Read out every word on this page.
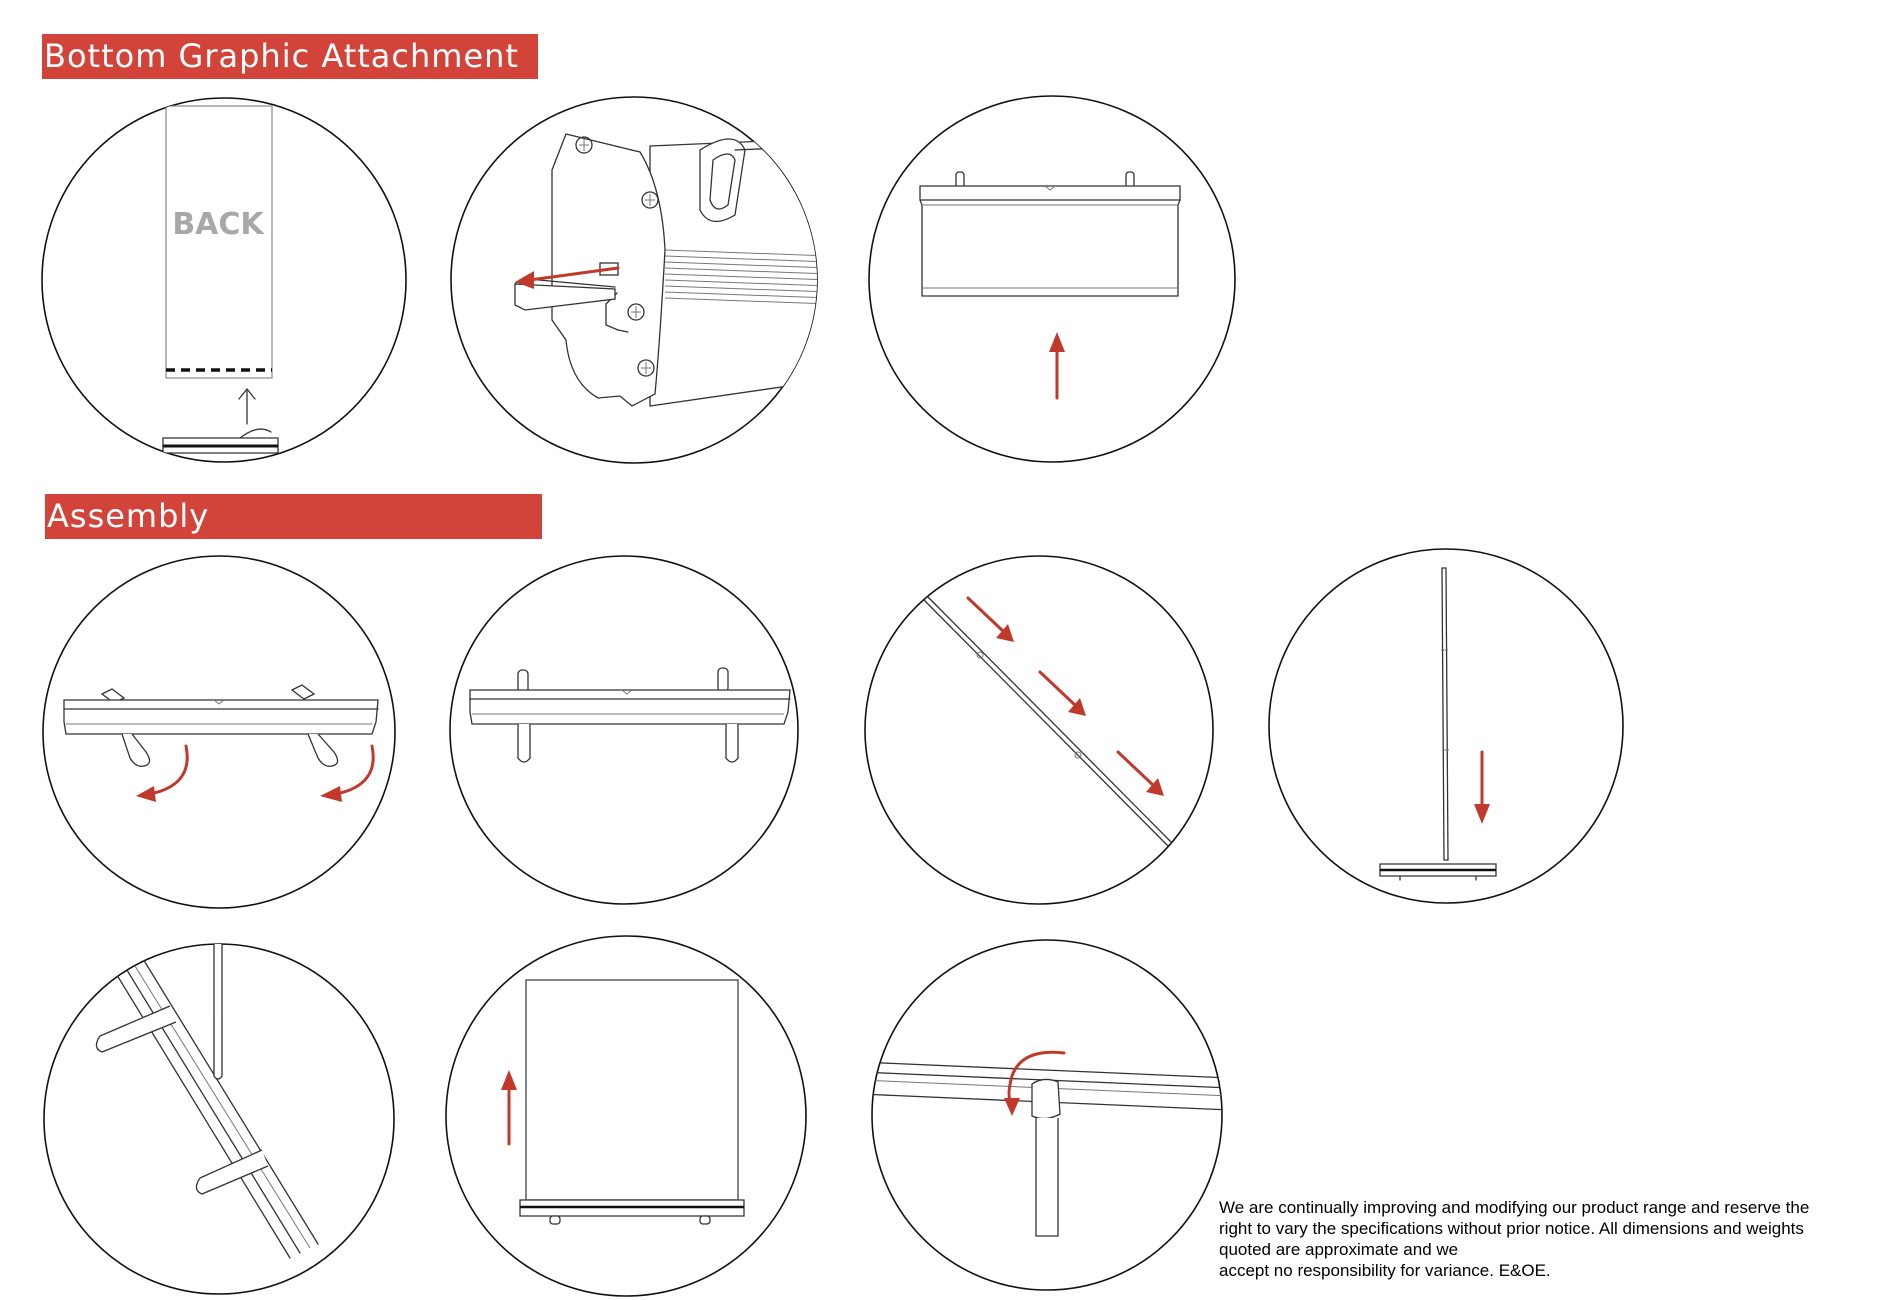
Bottom Graphic Attachment
Assembly
BACK
We are continually improving and modifying our product range and reserve the
right to vary the specifications without prior notice. All dimensions and weights
quoted are approximate and we
accept no responsibility for variance. E&OE.
